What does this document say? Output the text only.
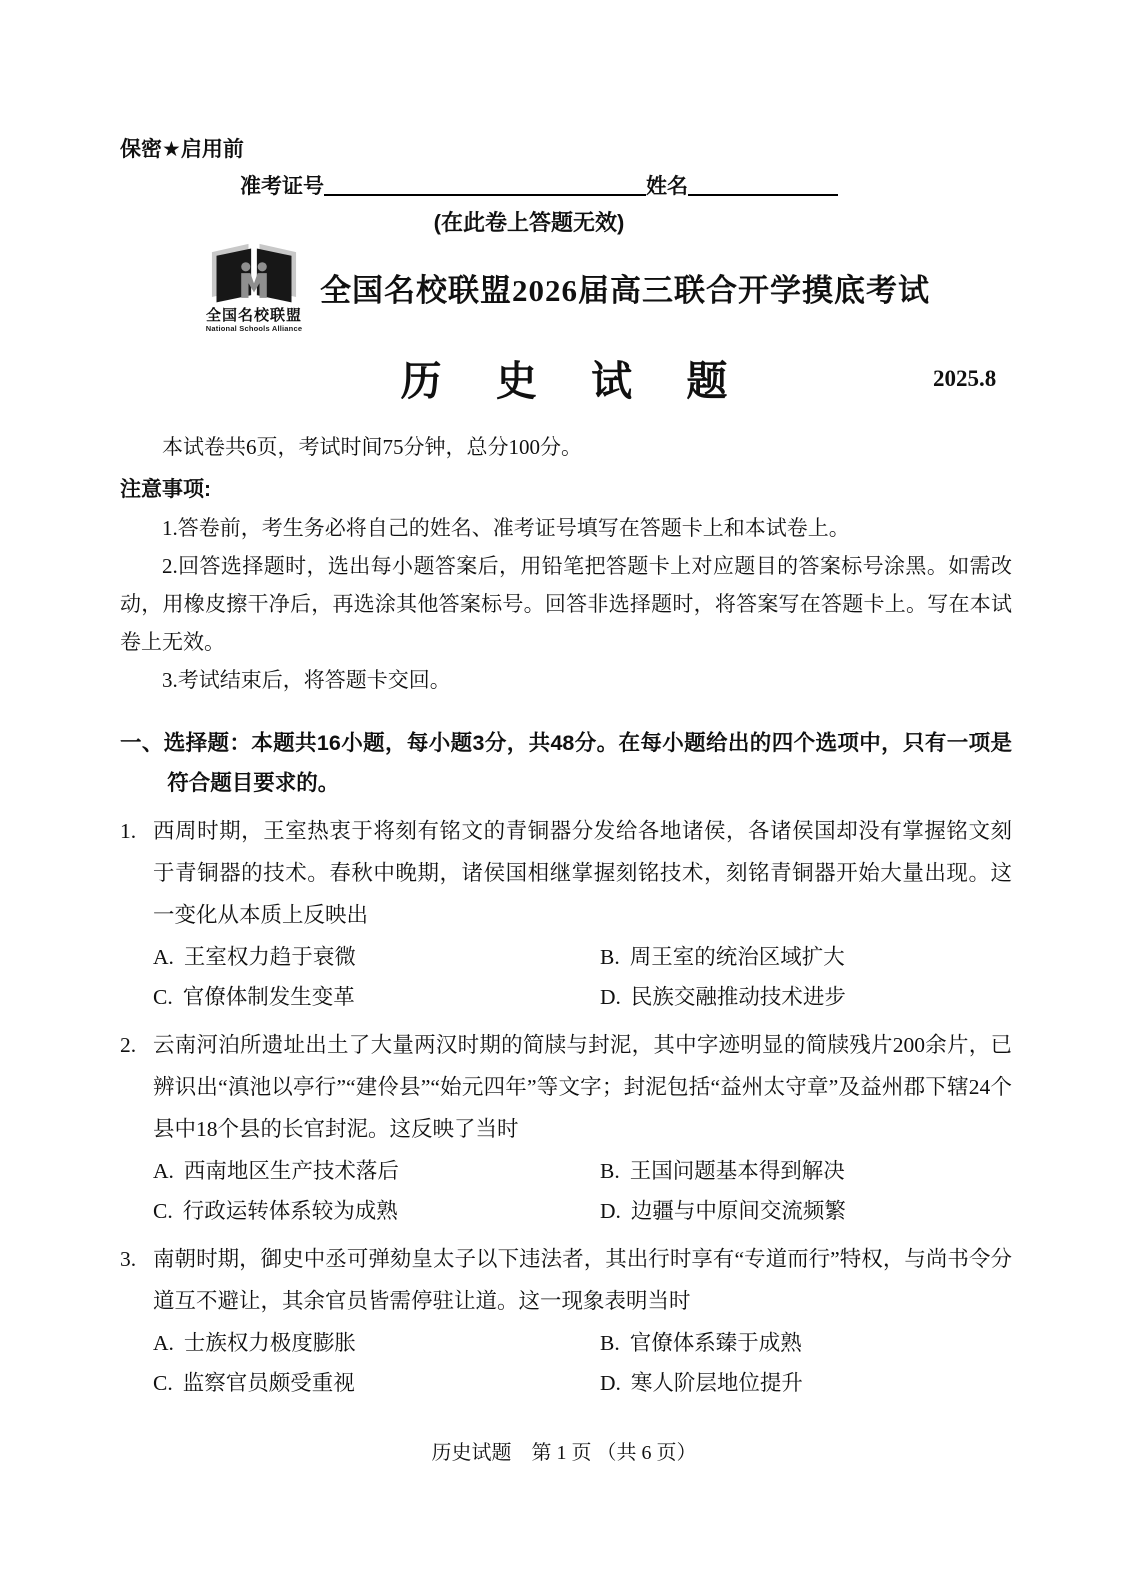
保密★启用前
准考证号	姓名
(在此卷上答题无效)
全国名校联盟
National Schools Alliance
全国名校联盟2026届高三联合开学摸底考试
历 史 试 题	2025.8

本试卷共6页，考试时间75分钟，总分100分。

注意事项:

1.答卷前，考生务必将自己的姓名、准考证号填写在答题卡上和本试卷上。

2.回答选择题时，选出每小题答案后，用铅笔把答题卡上对应题目的答案标号涂黑。如需改动，用橡皮擦干净后，再选涂其他答案标号。回答非选择题时，将答案写在答题卡上。写在本试卷上无效。

3.考试结束后，将答题卡交回。

一、选择题：本题共16小题，每小题3分，共48分。在每小题给出的四个选项中，只有一项是符合题目要求的。

1. 西周时期，王室热衷于将刻有铭文的青铜器分发给各地诸侯，各诸侯国却没有掌握铭文刻于青铜器的技术。春秋中晚期，诸侯国相继掌握刻铭技术，刻铭青铜器开始大量出现。这一变化从本质上反映出

A. 王室权力趋于衰微	B. 周王室的统治区域扩大
C. 官僚体制发生变革	D. 民族交融推动技术进步
2. 云南河泊所遗址出土了大量两汉时期的简牍与封泥，其中字迹明显的简牍残片200余片，已辨识出“滇池以亭行”“建伶县”“始元四年”等文字；封泥包括“益州太守章”及益州郡下辖24个县中18个县的长官封泥。这反映了当时

A. 西南地区生产技术落后	B. 王国问题基本得到解决
C. 行政运转体系较为成熟	D. 边疆与中原间交流频繁
3. 南朝时期，御史中丞可弹劾皇太子以下违法者，其出行时享有“专道而行”特权，与尚书令分道互不避让，其余官员皆需停驻让道。这一现象表明当时

A. 士族权力极度膨胀	B. 官僚体系臻于成熟
C. 监察官员颇受重视	D. 寒人阶层地位提升
历史试题　第 1 页 （共 6 页）
